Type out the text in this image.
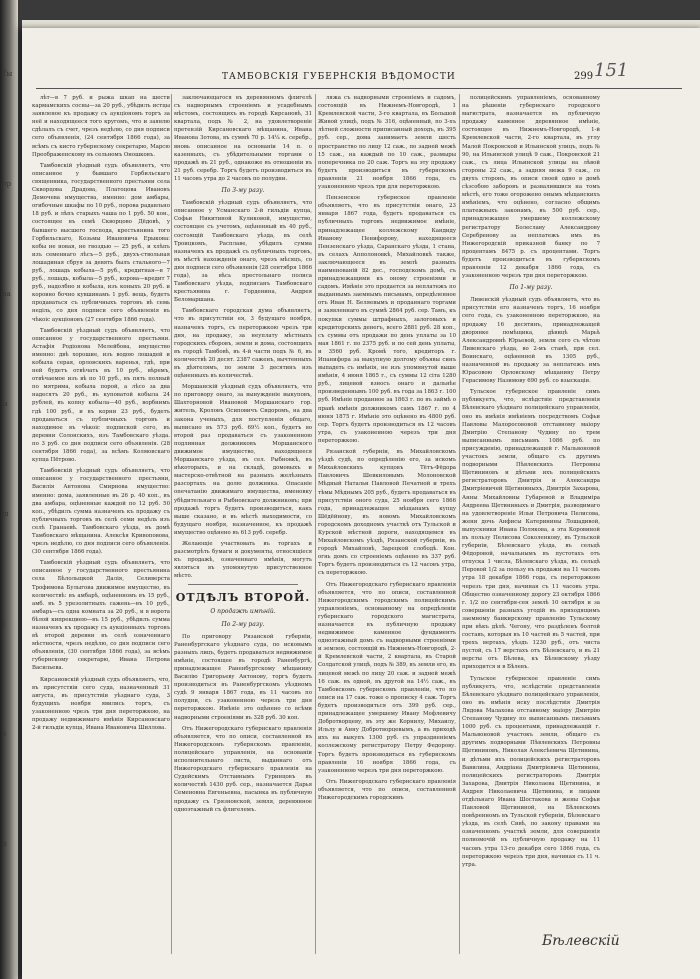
Ты
пр
ра
ы
ш
с
о
п
ТАМБОВСКІЯ ГУБЕРНСКІЯ ВѢДОМОСТИ	299 151

лѣт—в 7 руб. и рыжа шкап на шести кармамскихъ сосны—за 20 руб., убѣдилъ истцы заявленое къ продажу съ аукціономъ торгъ за неё и находящееся того кругомъ, что и заявлю сдѣлалъ съ счет, чрезъ недѣлю, со дня подписи сего объявленія, (24 сентября 1866 года), за всѣмъ съ кисто губернскому секретарю, Марсю Преображенскому въ сельномъ Оношковъ.

Тамбовскій уѣздный судъ объявляетъ, что описанное у бывшаго Горбильскаго священника, государственного престьяни села Скворцова Драдова, Платоцова Ивановъ Демочева имущества, именно: дом амбары, огибочные шкафы по 10 руб., порова радавльно 18 руб. и лѣпъ старыхъ чаша по 1 руб. 50 кон., состоящее въ семѣ Скворцово Дёдовѣ, у бывшего высшего господа, крестьянина того Горбильскаго, Козьмы Ивановича Ерыкова: кобы не новая, не гвоздью — 25 руб., и хлѣпъ изъ семеннаго лѣсъ—5 руб., двухъ-ствольная лошадиная сбруя за девять былъ стального—7 руб., лошадь кобыла—5 руб., кредитная—в 7 руб., лошадь, кобыла—5 руб., корова—кредит 7 руб., надолбно и кобыла, изъ коныхъ 20 руб. и коровно бочно кувшинамъ 1 руб. вещь, будетъ продаваться съ публичныхъ торговъ вѣ семь неділь, со дня подписи сего объявленія въ чѣкоіс аукціоновъ (27 сентября 1866 года).

Тамбовскій уѣздный судъ объявляетъ, что описанное у государственного престьяни. Астафія Родіонова Мелейбова, имущество именно: двѣ хорошие, изъ водою лошадей и кобыла серая, орловскихъ варенья, гдѣ, при ней будетъ отвѣчать въ 10 руб., вѣремъ, отвѣчаемое изъ вѣ по 10 руб., въ пять полный по мятрима, кобыла порой, а лѣсо за два надесятъ 20 руб., въ куповатой кобыла 24 рублей, въ копну кобыла—40 руб., ворбнимъ гдѣ 100 руб., и въ корни 23 руб., будетъ продаваться съ публичныхъ торговъ и находимое въ чѣкоіс подпиской сего, въ деревни Солонскихъ, изъ Тамбовскаго уѣзда. по 3 руб. со дня подписи сего объявленія. (28 сентября 1866 года), за всѣмъ Колмовскаго купца Пётрово.

Тамбовскій уѣздный судъ объявляетъ, что описанное у государственного престьяни, Василія Антонова Смирнова имущество: именно: дома, заявленные въ 26 р. 40 коп., въ два амбара, оцѣненные каждой по 12 руб. 50 коп., убѣдилъ сумма назначенъ къ продажу съ публичныхъ торговъ въ селѣ семи недѣль изъ селѣ Гранаевѣ. Тамбовскаго уѣзда, въ домѣ Тамбовскаго мѣщанина. Алексѣя Кривоповова, чрезъ недѣлю, со дня подписи сего объявленія. (30 сентября 1866 года).

Тамбовскій уѣздный судъ объявляетъ, что описанное у государственного престьянина села Бѣлольщкой Далія, Селиверста Трофимова Булыгова движимое имущество, въ количествѣ: въ амбарѣ, оцѣненномъ въ 15 руб., амб. въ 5 урезолитныхъ сажень—въ 10 руб., амбарь—съ одна комната за 20 руб., и в ворота бѣлой кипрекциею—въ 15 руб., убѣдилъ сумма назначенъ къ продажу съ аукціонныхъ торговъ вѣ второй деревни въ селѣ означеннаго мѣстности, чрезъ недѣлю, со дня подписи сего объявленія, (30 сентября 1866 года), за всѣмъ губернскому секретарю, Ивана Петрова Васильева.

Кирсановскій уѣздный судъ объявляетъ, что, въ присутствіи сего суда, назначенный 31 августа, въ присутствіи уѣзднаго суда, 3 будущихъ ноября явились торгъ, съ узаконенною чрезъ три дня переторжкою, на продажу недвижимаго имѣнія Кирсановскаго 2-й гильдіи купца, Ивана Ивановича Шиллова.

заключающагося въ деревянномъ флигелѣ съ надворнымъ строеніемъ и усадебнымъ мѣстомъ, состоящихъ въ городѣ Кирсановѣ, 31 квартала, подъ № 2, на удовлетвореніе претензій Кирсановскаго мѣщанина, Ивана Иванова Зотова, въ суммѣ 70 р. 14¼ к. серебр., вновь описанное на основаніи 14 п. о казенныхъ, съ убѣдительными торгами о продажѣ въ 21 руб., однакоже въ отношеніи въ 21 руб. серебр. Торгъ будетъ производиться въ 11 часовъ утра до 2 часовъ по полудни.

По 3-му разу.

Тамбовскій уѣздный судъ объявляетъ, что описанное у Усманскаго 2-й гильдіи купца, Софьи Никитиной Куликовой, имущество, состоящее съ учетомъ, оцѣненный въ 40 руб., состоящій Тамбовскаго уѣзда, въ селѣ Троицкомъ, Расплаве, убѣдилъ сумма назначенъ къ продажѣ съ публичныхъ торговъ, въ мѣстѣ нахожденія онаго, чрезъ мѣсяцъ, со дня подписи сего объявленія (28 сентября 1866 года), за вѣсь престольнаго полиса Тамбовскаго уѣзда, подписанъ Тамбовскаго крестьянина г. Горденина, Андрея Беломаршана.

Тамбовскаго городская дума объявляетъ, что въ присутствіи ея, 3 будущаго ноября, назначенъ торгъ, съ переторжкою чрезъ три дня, на продажу, за неуплату мѣстныхъ городскихъ сборовъ, земли и дома, состоящихъ въ городѣ Тамбовѣ, въ 4-й части подъ № 6, въ количествѣ 20 десят. 2387 саженъ, вычтенныхъ въ дѣятелямъ, по земли 3 десятинъ изъ оцѣненныхъ въ количествѣ.

Моршанскій уѣздный судъ объявляетъ, что по приговору онаго, за вынужденіе выкуповъ, Шахторновой Ивановой Моршанскаго гор. житель, Кроловъ Осиповичъ Сидоромъ, на два закона ученыхъ, для поступленія общаго, выписано въ 573 руб. 69½ коп., будетъ во второй раз продаваться съ узаконенною подлинная должниковъ Моршанского движимое имущество, находящееся Моршанскаго уѣзда, въ сел. Рыбновкѣ, въ иѣкоторыхъ, и на складѣ, домовыхъ и мастерско-отвѣтной на разныхъ желѣзныхъ разсортахъ на долю должника. Опасаніе опечатанію движимаго имущества, именовку убѣдительнаго и Рыбновскаго должниковъ; при продажѣ торгъ будетъ производиться, какъ выше сказано, и въ мѣстѣ выходимости, со будущаго ноября, назначенное, къ продажѣ имущество оцѣнено въ 613 руб. серебр.

Желающіе участвовать въ торгахъ и разсмотрѣть бумаги и документы, относящіеся къ продажѣ, означеннаго имѣнія, могутъ являться въ упомянутую присутственное мѣсто.

ОТДѢЛЪ ВТОРОЙ.

О продажѣ имѣній.

По 2-му разу.

По приговору Рязанской губерніи, Раненбургскаго уѣзднаго суда, по исковымъ разныхъ лицъ, будетъ продаваться недвижимое имѣніе, состоящее въ городѣ Раненбургѣ, принадлежащее Раненбургскому мѣщанину Василію Григорьеву Антонову, торгъ будетъ производиться въ Раненбургскомъ уѣздномъ судѣ 9 января 1867 года, въ 11 часовъ по полудни, съ узаконенною черезъ три дня переторжкою. Имѣніе это оцѣнено со всѣми надворными строеніями въ 328 руб. 30 коп.

Отъ Нижегородскаго губернскаго правленія объявляется, что по описи, составленной въ Нижегородскомъ губернскомъ правленіи, полицейскаго управленія, на основаніи исполнительнаго листа, выданнаго отъ Нижегородскаго губернскаго правленія на Судейскимъ Отставнымъ Гуринцовъ въ количествѣ 1430 руб. сер., назначается Дарья Семеновна Евгеньевна, пасынка въ публичную продажу съ Грязновской, земля, деревянное одноэтажный съ флигелемъ.

ляжа съ надворными строеніемъ и садомъ, состоящій въ Нижнемъ-Новгородѣ, 1 Кремлевской части, 3-го квартала, въ Большой Живой улицѣ, подъ № 316, оцѣненный, по 3-хъ лѣтней сложности приписанный доходъ, въ 395 руб. сер., дома занимаетъ земли шесть пространство по лицу 12 саж., по задней межѣ 15 саж., на каждый по 10 саж., размыры поперечника по 20 саж. Торгъ на эту продажу будетъ производиться въ губернскомъ правленіи 21 ноября 1866 года, съ узаконенною чрезъ три для переторжкою.

Пензенское губернское правленіе объявляетъ, что въ присутствіи онаго, 23 января 1867 года, будетъ продаваться съ публичныхъ торговъ недвижимое имѣніе, принадлежащее коллежскому Кандиду Иванову Пенифорову, находящееся Пензенскаго уѣзда, Саранскаго уѣзда, 1 стана, въ селахъ Апполоновкѣ, Михайловкѣ также, заключающееся въ землѣ разныхъ наименованій 82 дес., господскомъ домѣ, съ принадлежащими къ оному строеніями и садомъ. Имѣніе это продается за неплатежъ по выданнымъ заемнымъ письмамъ, опредѣленное отъ Иван Н. Беляевымъ и проданнаго торгами и заявленнаго въ суммѣ 2864 руб. сер. Тамъ, къ покупки суммы штрафныхъ, залоговыхъ и кредиторскихъ денегъ, всего 2881 руб. 28 коп., съ суммы отъ продажи по день уплаты за 10 мая 1861 г. по 2375 руб. и по сей день уплаты, и 3560 руб. Кромѣ того, кредиторъ г. Ипанифора за выкупную долгому объявы синъ выпадеть съ имѣнія, не изъ упомянутой выше имѣнія, 4 июня 1865 г., съ суммы 12 сіта 1280 руб., лицевой взносъ онаго и дальнѣе произведеннымъ 100 руб. въ года за 1863 г. 100 руб. Имѣніе проданное за 1863 г. по въ займѣ о правѣ имѣнія должникомъ самъ 1867 г. по 4 июня 1875 г. Имѣніе это оцѣнено въ 4800 руб. сер. Торгъ будетъ производиться въ 12 часовъ утра, съ узаконенною черезъ три дня переторжкою.

Рязанской губерніи, въ Михайловскомъ уѣздѣ судѣ, по опредѣленію его, за искомъ Михайловскихъ купцовъ Тётъ-Фёдора Павловичъ Шевкиловымъ Молоновской Мѣдный Натальи Павловой Печатной и трехъ тѣмы Мѣднымъ 205 руб., будетъ продаваться въ присутствіи оного суда, 25 ноября сего 1866 года, принадлежащее мѣщанамъ купцу Шёдёйнову, въ новомъ Михайловскомъ городскомъ доходномъ участкѣ отъ Тульской и Курской мѣстной дороги, находящемся въ Михайловскомъ уѣздѣ, Рязанской губерніи, въ городѣ Михайловѣ, Зарецкой слободѣ. Кон. огнь домъ со строеніемъ оцѣнено въ 337 руб. Торгъ будетъ производиться съ 12 часовъ утра, съ переторжкою.

Отъ Нижегородскаго губернскаго правленія объявляется, что по описи, составленной Нижегородскимъ городскимъ полицейскимъ управленіемъ, основанному на опредѣленіи губернскаго городского магистрата, назначается въ публичную продажу недвижимое каменное фундаментъ одноэтажный домъ съ надворными строеніями и землею, состоящій въ Нижнемъ-Новгородѣ, 2-й Кремлевской части, 2 квартала, въ Старой Солдатской улицѣ, подъ № 389, въ земли его, въ лицевой межѣ по лицу 20 саж. и задней межѣ 16 саж. въ одной, въ другой на 14½ саж., въ Тамбовскомъ губернскомъ правленіи, что по описи на 17 саж. тоже о прописку 4 саж. Торгъ будетъ производиться отъ 399 руб. сер., принадлежащее умершему Ивану Мофлевичу Добротворцеву, въ эту же Корнилу, Михаилу, Ильлу и Анну Добротворцевымъ, а въ приходѣ ихъ на выкупъ 1300 руб. съ упраздненіемъ коллежскому регистратору Петру Федорову. Торгъ будетъ производиться въ губернскомъ правленіи 16 ноября 1866 года, съ узаконенною черезъ три дня переторжкою.

Отъ Нижегородскаго губернскаго правленія объявляется, что по описи, составленной Нижегородскимъ городскимъ

полицейскимъ управленіемъ, основанному на рѣшеніи губернскаго городского магистрата, назначается въ публичную продажу каменное деревянное имѣніе, состоящее въ Нижнемъ-Новгородѣ, 1-й Кремлевской части, 2-го квартала, въ углу Малой Покровской и Ильинской улицъ, подъ № 90, на Ильинской улицѣ 9 саж., Покровской 21 саж., съ лица Ильинской улицы на лѣвой стороны 22 саж., а задняя межа 9 саж., со двухъ сторонъ, въ описи своей одно в домѣ сѣзсобою заборовъ и развалившися на томъ мѣстѣ, его тоже огорожено онымъ мѣщанскихъ имѣніемъ, что оцѣнено, согласно общимъ платежныхъ законамъ, въ 500 руб. сер., принадлежащее умершему коллежскому регистратору Болеславу Александрову Серебренову за неплатежъ имъ въ Нижегородскій приказной банку по 7 процентамъ 8475 р. съ процентами. Торгъ будетъ производиться въ губернскомъ правленіи 12 декабря 1866 года, съ узаконенною черезъ три дня переторжкою.

По 1-му разу.

Ливенскій уѣздный судъ объявляетъ, что въ присутствіи его назначенъ торгъ, 16 ноября сего года, съ узаконенною переторжкою, на продажу 16 десятинъ, принадлежащей дворянке помѣщика, дѣвицѣ Марьѣ Александровнѣ Юрьевой, земли сего съ чѣтою Ливенскаго уѣзда, во 2-мъ станѣ, при сел. Воинскаго, оцѣненной въ 1305 руб., назначенной въ продажу за неплатежъ имъ Юрасовою Орловскому мѣщанину Петру Герасимову Назимову 690 руб. со взыскаціи.

Тульское губернское правленіе симъ публикуетъ, что, вслѣдствіе представленія Бѣлевскаго уѣзднаго полицейскаго управленія, оно въ имѣнія имѣніемъ посредствомъ Софьи Павловы Малоросововой отставному маіору Дмитрію Степанову Чудину по трем выписаннымъ письмамъ 1086 руб. по присужденію, принадлежащей г. Мальвоновой участокъ земли, общаго съ другимъ подворными Пѣвлевскихъ Петровны Щетининовъ и дѣтьми ихъ полицейскихъ регистраторовъ Дмитрія и Александра Дмитріевичей Щетининыхъ, Дмитрія Захарова, Анны Михайловны Губаревой и Владиміра Андреева Щетининыхъ и Дмитрія, разводимаго на удовлетвореніе Ильи Петровича Пелисова, жени дочь Анфисы Катеринины Лошадивой, выпускники Ивана Полякова, а эта Коровиной въ пользу Пелисова Соколенкову, въ Тульской губерніи, Бѣлевскаго уѣзда, въ сельцѣ Фёдоровой, начальнымъ въ пустотахъ отъ отпуска 1 числа, Бѣлевскаго уѣзда, въ сельцѣ Перовой 1/2 за пользу въ продажи на 11 часовъ утра 18 декабря 1866 года, съ переторжкою черезъ три дня, начиная съ 11 часовъ утра. Общество означенному дорогу 23 октября 1866 г. 1/2 по сентября-сен землѣ 10 октября и за совершеніи разныхъ угодій въ приходящимъ заемному банкирскому правленію Тульскому при вѣкъ дѣлѣ. Чегону, что раздѣленъ болгой составъ, которыя въ 10 частей въ 5 частей, при трехъ вертахъ, уѣздъ 1230 руб., отъ чиста пустой, съ 17 верстахъ отъ Бѣлевскаго, и въ 21 версты отъ Бѣлева, къ Бѣлевскому уѣзду приходится и в Бѣлевъ.

Тульское губернское правленіе симъ публикуетъ, что, вслѣдствіе представленія Бѣлевскаго уѣзднаго полицейскаго управленія, оно въ имѣнія иску послѣдствія Дмитрія Лядова Малахова отставному маіору Дмитрію Степанову Чудину по выписаннымъ письмамъ 1000 руб. съ процентами, принадлежащій г. Мальвоновой участокъ земли, общаго съ другимъ подворными Пѣвлевскихъ Петровны Щетининовъ, Николая Алексѣевича Щетинина, и дѣтьми ихъ полицейскихъ регистраторовъ Вавилина, Андріана Дмитріевича Щетинина, полицейскихъ регистраторовъ Дмитрія Захарова, Дмитрія Николаева Щетинина, и Андрея Николаевича Щетинина, и лицами отдѣльнаго Ивана Шостакова и жены Софьи Павловой Щетининой, на Бѣлевскомъ повѣренномъ въ Тульской губерніи, Бѣлевскаго уѣзда, въ селѣ Сивѣ, по закону правами на означенномъ участкѣ земли, для совершенія полномочій въ публичную продажу на 11 часовъ утра 13-го декабря сего 1866 года, съ переторжкою черезъ три дня, начиная съ 11 ч. утра.

Бѣлевскій
